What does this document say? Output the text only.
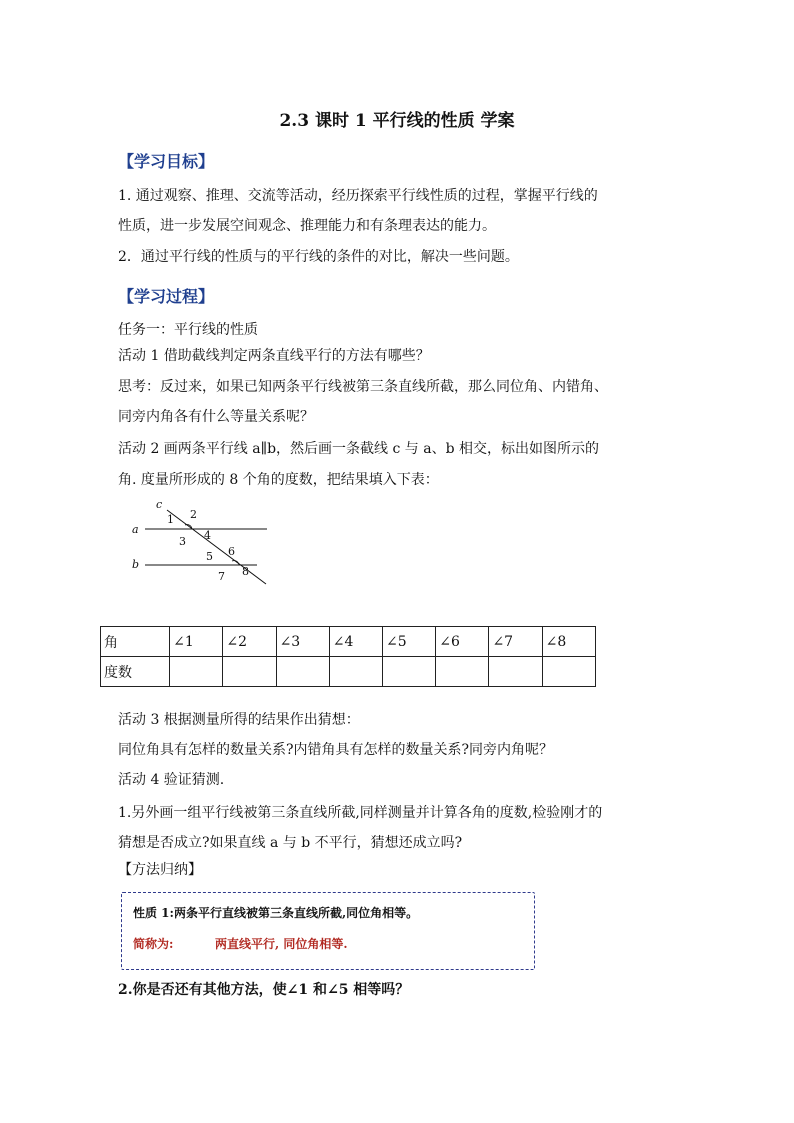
2.3 课时 1 平行线的性质 学案
【学习目标】

1. 通过观察、推理、交流等活动，经历探索平行线性质的过程，掌握平行线的

性质，进一步发展空间观念、推理能力和有条理表达的能力。

2．通过平行线的性质与的平行线的条件的对比，解决一些问题。

【学习过程】

任务一：平行线的性质

活动 1 借助截线判定两条直线平行的方法有哪些？

思考：反过来，如果已知两条平行线被第三条直线所截，那么同位角、内错角、

同旁内角各有什么等量关系呢？

活动 2 画两条平行线 a∥b，然后画一条截线 c 与 a、b 相交，标出如图所示的

角. 度量所形成的 8 个角的度数，把结果填入下表：

c
a
b
1 2
3 4
5 6
7 8
角	∠1	∠2	∠3	∠4	∠5	∠6	∠7	∠8
度数								

活动 3 根据测量所得的结果作出猜想：

同位角具有怎样的数量关系?内错角具有怎样的数量关系?同旁内角呢？

活动 4 验证猜测.

1.另外画一组平行线被第三条直线所截,同样测量并计算各角的度数,检验刚才的

猜想是否成立?如果直线 a 与 b 不平行，猜想还成立吗?

【方法归纳】

性质 1:两条平行直线被第三条直线所截,同位角相等。

简称为:	两直线平行, 同位角相等.

2.你是否还有其他方法，使∠1 和∠5 相等吗？
